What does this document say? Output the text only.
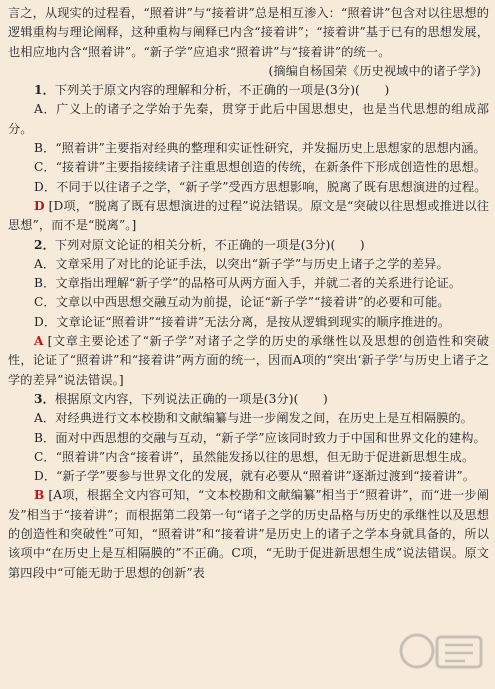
言之，从现实的过程看，“照着讲”与“接着讲”总是相互渗入：“照着讲”包含对以往思想的逻辑重构与理论阐释，这种重构与阐释已内含“接着讲”；“接着讲”基于已有的思想发展，也相应地内含“照着讲”。“新子学”应追求“照着讲”与“接着讲”的统一。

(摘编自杨国荣《历史视域中的诸子学》)

1．下列关于原文内容的理解和分析，不正确的一项是(3分)(　　)

A．广义上的诸子之学始于先秦，贯穿于此后中国思想史，也是当代思想的组成部分。

B．“照着讲”主要指对经典的整理和实证性研究，并发掘历史上思想家的思想内涵。

C．“接着讲”主要指接续诸子注重思想创造的传统，在新条件下形成创造性的思想。

D．不同于以往诸子之学，“新子学”受西方思想影响，脱离了既有思想演进的过程。

D [D项，“脱离了既有思想演进的过程”说法错误。原文是“突破以往思想或推进以往思想”，而不是“脱离”。]

2．下列对原文论证的相关分析，不正确的一项是(3分)(　　)

A．文章采用了对比的论证手法，以突出“新子学”与历史上诸子之学的差异。

B．文章指出理解“新子学”的品格可从两方面入手，并就二者的关系进行论证。

C．文章以中西思想交融互动为前提，论证“新子学”“接着讲”的必要和可能。

D．文章论证“照着讲”“接着讲”无法分离，是按从逻辑到现实的顺序推进的。

A [文章主要论述了“新子学”对诸子之学的历史的承继性以及思想的创造性和突破性，论证了“照着讲”和“接着讲”两方面的统一，因而A项的“突出‘新子学’与历史上诸子之学的差异”说法错误。]

3．根据原文内容，下列说法正确的一项是(3分)(　　)

A．对经典进行文本校勘和文献编纂与进一步阐发之间，在历史上是互相隔膜的。

B．面对中西思想的交融与互动，“新子学”应该同时致力于中国和世界文化的建构。

C．“照着讲”内含“接着讲”，虽然能发扬以往的思想，但无助于促进新思想生成。

D．“新子学”要参与世界文化的发展，就有必要从“照着讲”逐渐过渡到“接着讲”。

B [A项，根据全文内容可知，“文本校勘和文献编纂”相当于“照着讲”，而“进一步阐发”相当于“接着讲”；而根据第二段第一句“诸子之学的历史品格与历史的承继性以及思想的创造性和突破性”可知，“照着讲”和“接着讲”是历史上的诸子之学本身就具备的，所以该项中“在历史上是互相隔膜的”不正确。C项，“无助于促进新思想生成”说法错误。原文第四段中“可能无助于思想的创新”表
